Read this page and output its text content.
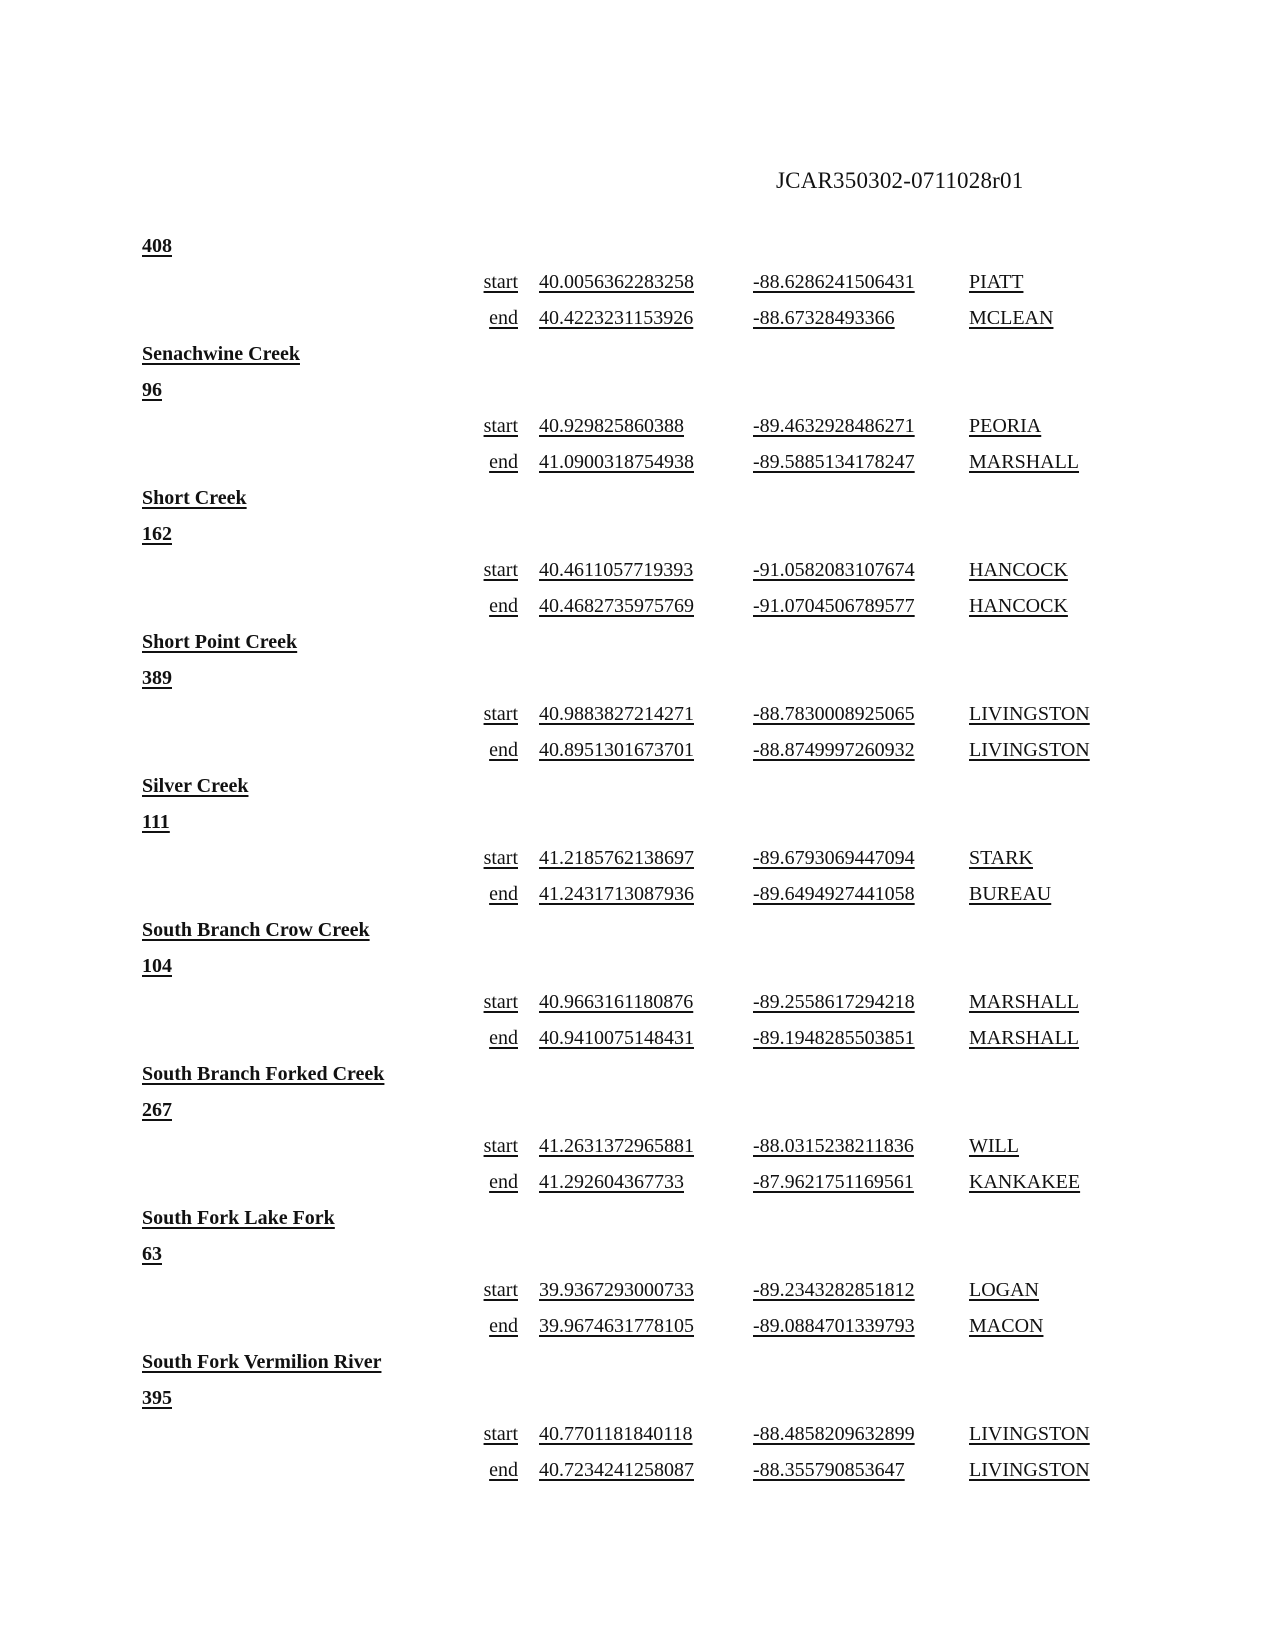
JCAR350302-0711028r01
408
start 40.0056362283258	-88.6286241506431	PIATT
end 40.4223231153926	-88.67328493366	MCLEAN
Senachwine Creek
96
start 40.929825860388	-89.4632928486271	PEORIA
end 41.0900318754938	-89.5885134178247	MARSHALL
Short Creek
162
start 40.4611057719393	-91.0582083107674	HANCOCK
end 40.4682735975769	-91.0704506789577	HANCOCK
Short Point Creek
389
start 40.9883827214271	-88.7830008925065	LIVINGSTON
end 40.8951301673701	-88.8749997260932	LIVINGSTON
Silver Creek
111
start 41.2185762138697	-89.6793069447094	STARK
end 41.2431713087936	-89.6494927441058	BUREAU
South Branch Crow Creek
104
start 40.9663161180876	-89.2558617294218	MARSHALL
end 40.9410075148431	-89.1948285503851	MARSHALL
South Branch Forked Creek
267
start 41.2631372965881	-88.0315238211836	WILL
end 41.292604367733	-87.9621751169561	KANKAKEE
South Fork Lake Fork
63
start 39.9367293000733	-89.2343282851812	LOGAN
end 39.9674631778105	-89.0884701339793	MACON
South Fork Vermilion River
395
start 40.7701181840118	-88.4858209632899	LIVINGSTON
end 40.7234241258087	-88.355790853647	LIVINGSTON
